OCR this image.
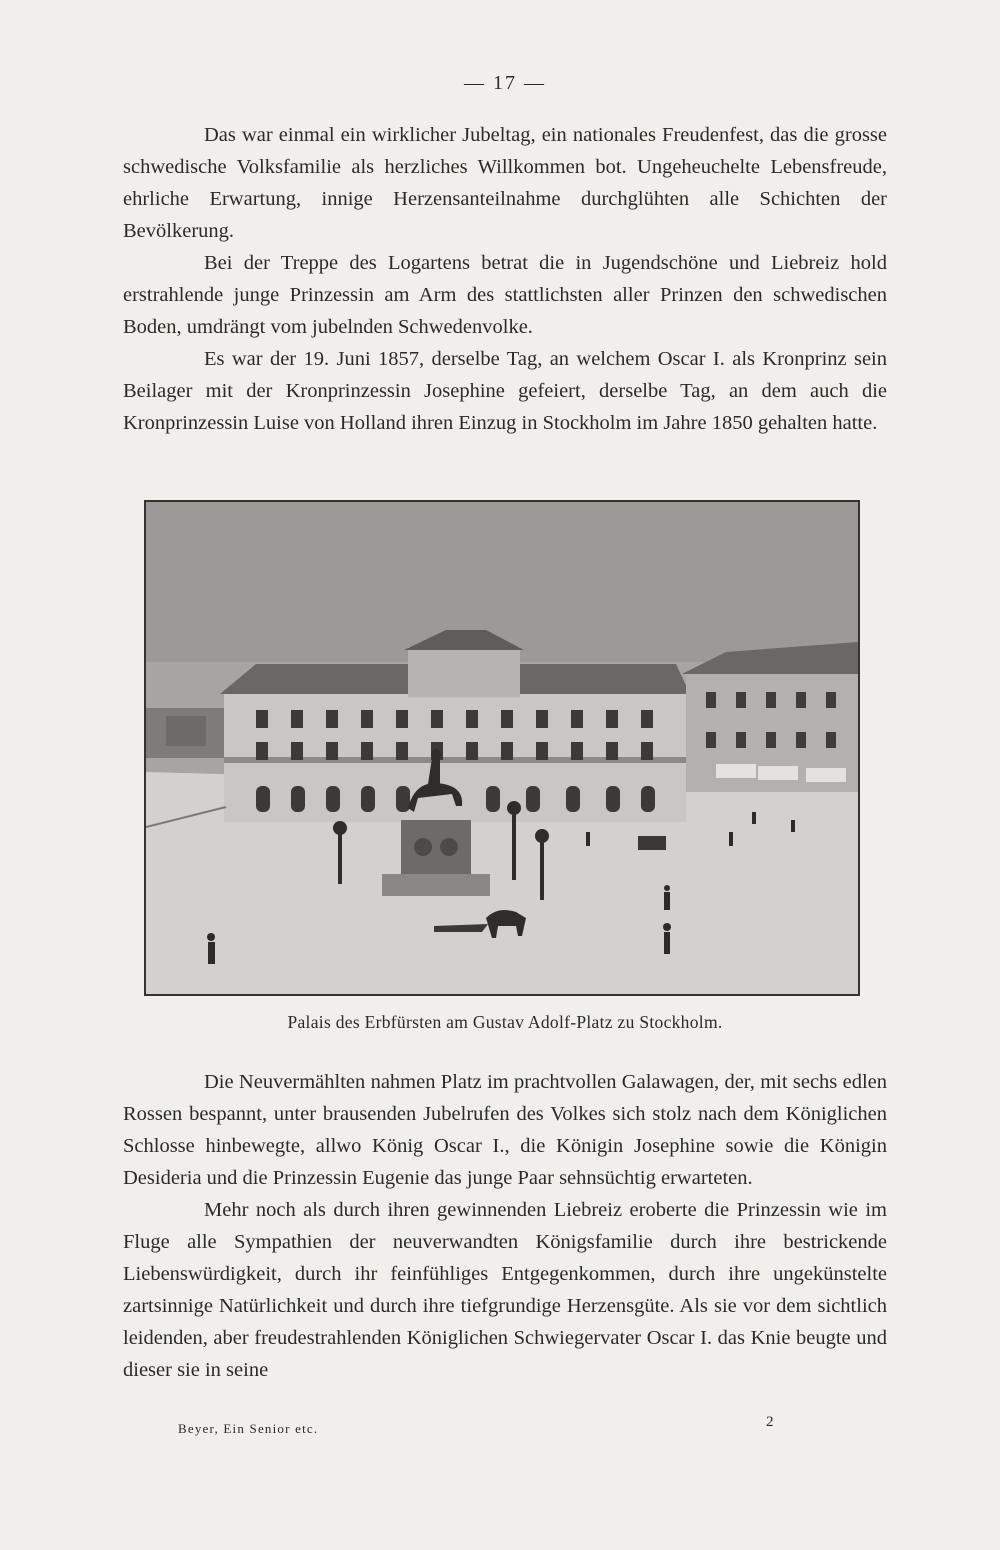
— 17 —

Das war einmal ein wirklicher Jubeltag, ein nationales Freudenfest, das die grosse schwedische Volksfamilie als herzliches Willkommen bot. Ungeheuchelte Lebensfreude, ehrliche Erwartung, innige Herzensanteilnahme durchglühten alle Schichten der Bevölkerung.

Bei der Treppe des Logartens betrat die in Jugendschöne und Liebreiz hold erstrahlende junge Prinzessin am Arm des stattlichsten aller Prinzen den schwedischen Boden, umdrängt vom jubelnden Schwedenvolke.

Es war der 19. Juni 1857, derselbe Tag, an welchem Oscar I. als Kronprinz sein Beilager mit der Kronprinzessin Josephine gefeiert, derselbe Tag, an dem auch die Kronprinzessin Luise von Holland ihren Einzug in Stockholm im Jahre 1850 gehalten hatte.

Palais des Erbfürsten am Gustav Adolf-Platz zu Stockholm.

Die Neuvermählten nahmen Platz im prachtvollen Galawagen, der, mit sechs edlen Rossen bespannt, unter brausenden Jubelrufen des Volkes sich stolz nach dem Königlichen Schlosse hinbewegte, allwo König Oscar I., die Königin Josephine sowie die Königin Desideria und die Prinzessin Eugenie das junge Paar sehnsüchtig erwarteten.

Mehr noch als durch ihren gewinnenden Liebreiz eroberte die Prinzessin wie im Fluge alle Sympathien der neuverwandten Königsfamilie durch ihre bestrickende Liebenswürdigkeit, durch ihr feinfühliges Entgegenkommen, durch ihre ungekünstelte zartsinnige Natürlichkeit und durch ihre tiefgrundige Herzensgüte. Als sie vor dem sichtlich leidenden, aber freudestrahlenden Königlichen Schwiegervater Oscar I. das Knie beugte und dieser sie in seine

Beyer, Ein Senior etc.	2
